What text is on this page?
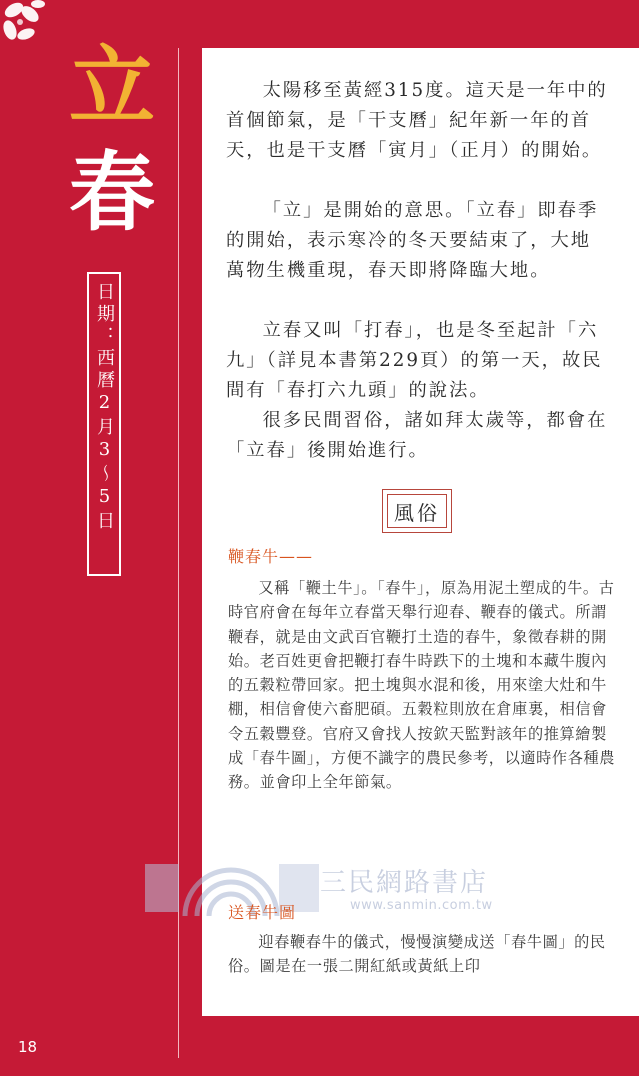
立
春
日期：西曆2月3～5日

太陽移至黃經315度。這天是一年中的首個節氣，是「干支曆」紀年新一年的首天，也是干支曆「寅月」（正月）的開始。

「立」是開始的意思。「立春」即春季的開始，表示寒冷的冬天要結束了，大地萬物生機重現，春天即將降臨大地。

立春又叫「打春」，也是冬至起計「六九」（詳見本書第229頁）的第一天，故民間有「春打六九頭」的說法。

很多民間習俗，諸如拜太歲等，都會在「立春」後開始進行。

風俗
鞭春牛——

又稱「鞭土牛」。「春牛」，原為用泥土塑成的牛。古時官府會在每年立春當天舉行迎春、鞭春的儀式。所謂鞭春，就是由文武百官鞭打土造的春牛，象徵春耕的開始。老百姓更會把鞭打春牛時跌下的土塊和本藏牛腹內的五穀粒帶回家。把土塊與水混和後，用來塗大灶和牛棚，相信會使六畜肥碩。五穀粒則放在倉庫裏，相信會令五穀豐登。官府又會找人按欽天監對該年的推算繪製成「春牛圖」，方便不識字的農民參考，以適時作各種農務。並會印上全年節氣。

三民網路書店
www.sanmin.com.tw
送春牛圖

迎春鞭春牛的儀式，慢慢演變成送「春牛圖」的民俗。圖是在一張二開紅紙或黃紙上印

18
